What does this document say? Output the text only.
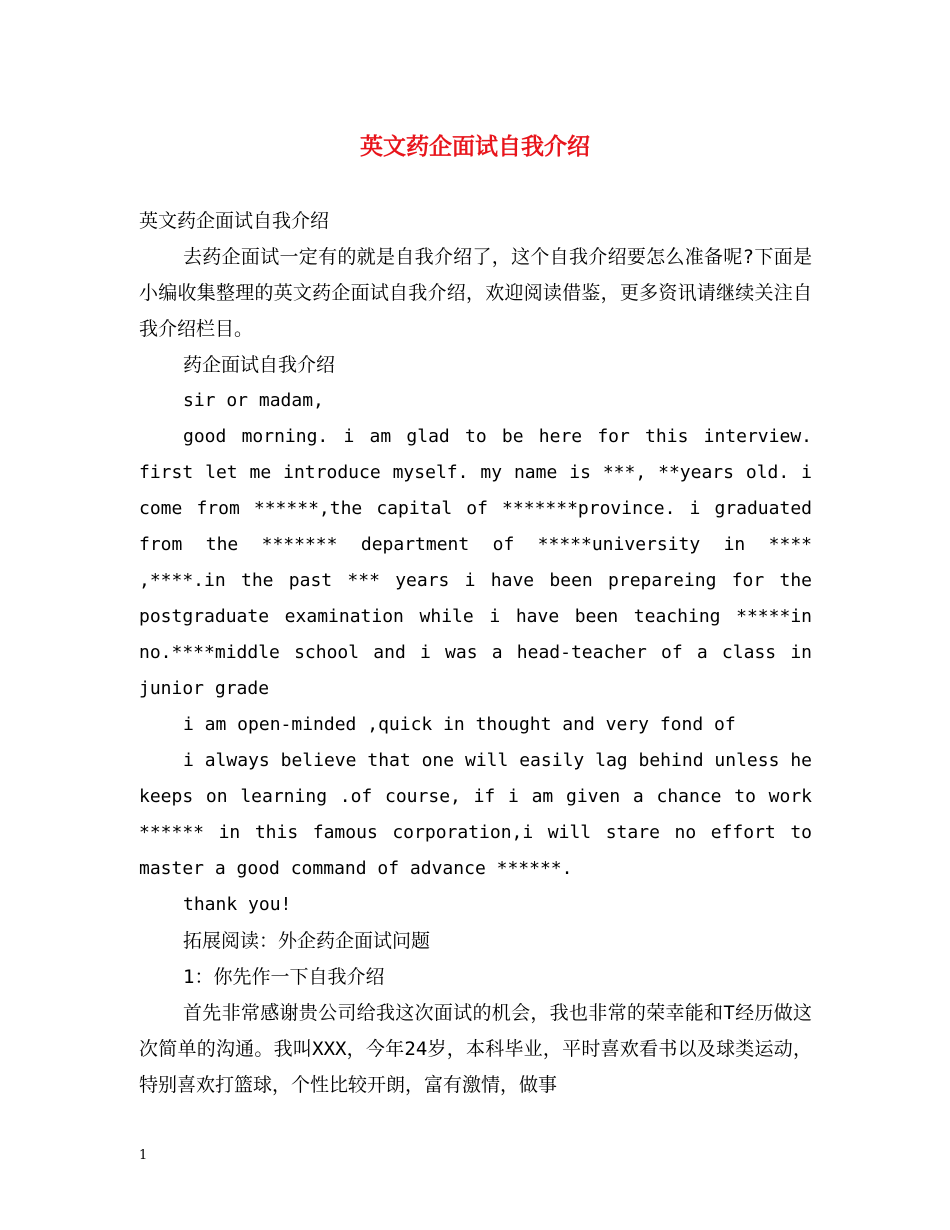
英文药企面试自我介绍

英文药企面试自我介绍

去药企面试一定有的就是自我介绍了，这个自我介绍要怎么准备呢?下面是小编收集整理的英文药企面试自我介绍，欢迎阅读借鉴，更多资讯请继续关注自我介绍栏目。

药企面试自我介绍

sir or madam,

good morning. i am glad to be here for this interview. first let me introduce myself. my name is ***, **years old. i come from ******,the capital of *******province. i graduated from the ******* department of *****university in **** ,****.in the past *** years i have been prepareing for the postgraduate examination while i have been teaching *****in no.****middle school and i was a head-teacher of a class in junior grade

i am open-minded ,quick in thought and very fond of

i always believe that one will easily lag behind unless he keeps on learning .of course, if i am given a chance to work ****** in this famous corporation,i will stare no effort to master a good command of advance ******.

thank you!

拓展阅读：外企药企面试问题

1：你先作一下自我介绍

首先非常感谢贵公司给我这次面试的机会，我也非常的荣幸能和T经历做这次简单的沟通。我叫XXX，今年24岁，本科毕业，平时喜欢看书以及球类运动，特别喜欢打篮球，个性比较开朗，富有激情，做事

1
